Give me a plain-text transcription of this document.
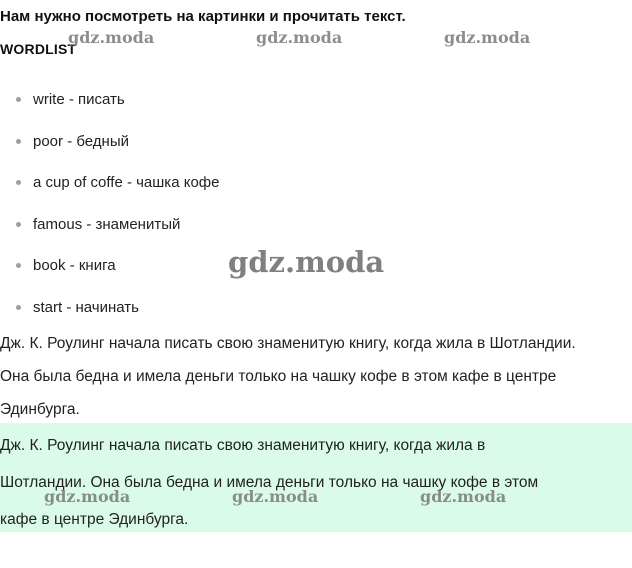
Нам нужно посмотреть на картинки и прочитать текст.
WORDLIST
write - писать
poor - бедный
a cup of coffe - чашка кофе
famous - знаменитый
book - книга
start - начинать
Дж. К. Роулинг начала писать свою знаменитую книгу, когда жила в Шотландии.
Она была бедна и имела деньги только на чашку кофе в этом кафе в центре
Эдинбурга.
Дж. К. Роулинг начала писать свою знаменитую книгу, когда жила в
Шотландии. Она была бедна и имела деньги только на чашку кофе в этом
кафе в центре Эдинбурга.
gdz.moda	gdz.moda	gdz.moda
gdz.moda
gdz.moda	gdz.moda	gdz.moda
